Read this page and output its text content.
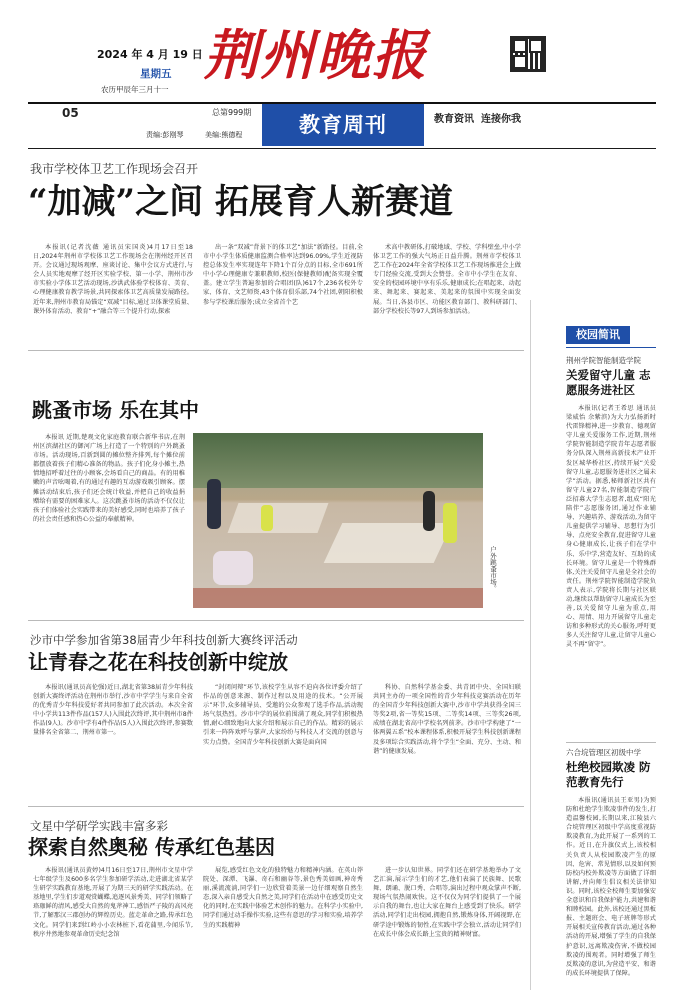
2024 年 4 月 19 日
星期五
农历甲辰年三月十一
荆州晚报
05	总第999期
教育周刊	教育资讯  连接你我
责编:彭刚琴	美编:熊德程
我市学校体卫艺工作现场会召开
“加减”之间 拓展育人新赛道

本报讯(记者沈薇 通讯员宋国炎)4月17日至18日,2024年荆州市学校体卫艺工作现场会在荆州经开区召开。会议通过现场观摩、座谈讨论、集中会议方式进行,与会人员实地观摩了经开区实验学校、第一小学、荆州市沙市实验小学体卫艺活动现场,沙洪武体验学校体育、美育、心理健康教育教学场景,共同探索体卫艺高质量发展路径。近年来,荆州市教育局锚定“双减”目标,通过卫体课堂质量、课外体育活动、教育“+”融合等三个提升行动,探索

出一条“双减”背景下的体卫艺“加法”新路径。目前,全市中小学生体质健康监测合格率达到96.09%,学生近视防控总体发生率实现连年下降1个百分点的目标,全市691所中小学心理健康专兼职教师,校医(保健教师)配备实现全覆盖。建立学生普遍参加的合唱团(队)617个,236名校外专家、体育、文艺师资,43个体育俱乐部,74个社团,朝阳积极参与学校课后服务;成立全省首个艺

术高中教研体,打破地域、学校、学科壁垒,中小学体卫艺工作的强大气场正日益升腾。荆州市学校体卫艺工作在2024年全省学校体卫艺工作现场推进会上做专门经验交流,受到大会赞誉。全市中小学生在友育、安全的校园环境中享有乐乐,健康成长;在唱起来、动起来、舞起来、赛起来、美起来的氛围中实现全面发展。当日,各县市区、功能区教育部门、教科研部门、部分学校校长等97人到场参加活动。

跳蚤市场 乐在其中

本报讯 近期,楚观文化家庭教育联合新华书店,在荆州区滨湖社区的御河广场上打造了一个特别的户外跳蚤市场。活动现场,百新到圆的摊位整齐排列,每个摊位前都摆放着孩子们精心准备的物品。孩子们化身小摊主,热情地招呼着过往的小顾客,会场看自己的商品。有的用稚嫩的声音吆喝着,有的通过有趣的互动游戏吸引顾客。摆摊活动结束后,孩子们还会统计收益,并把自己的收益捐赠给有需要的困难家人。这次跳蚤市场的活动不仅仅让孩子们体验社会实践带来的美好感受,同时也培养了孩子的社会责任感和热心公益的奉献精神。

户外跳蚤市场。
沙市中学参加省第38届青少年科技创新大赛终评活动
让青春之花在科技创新中绽放

本报讯(通讯员高伦强)近日,湖北省第38届青少年科技创新大赛终评活动在荆州市举行,沙市中学学生与来自全省的优秀青少年科技爱好者共同参加了此次活动。本次全省中小学共113件作品(157人)入围此次终评,其中荆州市8件作品(9人)。沙市中学有4件作品(5人)入围此次终评,参赛数量排名全省第二、荆州市第一。

“封闭问辩”环节,该校学生从容不迫向各位评委介绍了作品的创意来源、制作过程以及用途的技术。“公开展示”环节,众多辅导员、受邀的公众参观了选手作品,活动现场气氛热烈。沙市中学的展位前围满了观众,同学们积极热情,耐心细致地向大家介绍和展示自己的作品。精彩的展示引来一阵阵欢呼与掌声,大家纷纷与科技人才交流的创意与实力点赞。全国青少年科技创新大赛是面向国

科协、自然科学基金委、共青团中央、全国妇联共同主办的一项全国性的青少年科技竞赛活动在历年的全国青少年科技创新大赛中,沙市中学共获得全国三等奖2项,省一等奖15项、二等奖14项、三等奖26项,成绩在湖北省高中学校名列前茅。沙市中学构建了“一体两翼五系”校本课程体系,积极开展学生科技创新课程及多项综合实践活动,将个学生“全面、充分、主动、和谐”的健康发展。

文星中学研学实践丰富多彩
探索自然奥秘 传承红色基因

本报讯(通讯员黄婷)4月16日至17日,荆州市文星中学七年级学生及600多名学生参加研学活动,走进湖北省某学生研学实践教育基地,开展了为期三天的研学实践活动。在基地里,学生们步道观赏蝴蝶,追逐风景秀美、同学们领略了珞珈鲜的清风,感受大自然的鬼斧神工,感悟严子陵的高风亮节,了解那汉三郡创办的辉煌历史。蓝走革命之路,传承红色文化。同学们来到红岭小小农林桩下,看花蒲里,今闻乐节,秩序井然地参观革命历史纪念馆

展览,感受红色文化的独特魅力和精神内涵。在英山莽院处、深潭、飞瀑、奇石和幽谷等,景色秀美如画,神奇秀丽,溪流流淌,同学们一边欣赏着美景一边仔细观察自然生态,深入亲自感受大自然之美,同学们在活动中在感受历史文化的同时,在实践中体验艺术创作的魅力。在科学小实验中,同学们通过动手操作实验,这些有意思的学习和实验,培养学生的实践精神

进一步认知世界。同学们还在研学基地举办了文艺汇演,展示学生们的才艺,他们表演了民族舞、民歌舞、朗诵、脱口秀、合唱等,演出过程中观众掌声不断,现场气氛热闹欢快。这不仅仅为同学们提供了一个展示自我的舞台,也让大家在舞台上感受到了快乐。研学活动,同学们走出校园,拥抱自然,锻炼身体,开阔视野,在研学途中锻炼的韧性,在实践中学会独立,活动让同学们在成长中体会成长路上宝贵的精神财富。

校园简讯
荆州学院智能制造学院
关爱留守儿童 志愿服务进社区

本报讯(记者王希思 通讯员梁威怡 余紫滨)为大力弘扬新时代雷锋精神,进一步教育、德观留守儿童关爱服务工作,近期,荆州学院智能制造学院青年志愿者服务分队深入荆州高新技术产业开发区城华桥社区,持续开展“关爱留守儿童,志愿服务进社区之属未学”活动。据悉,秘师新社区共有留守儿童27名,智能制造学院广泛招募大学生志愿者,组成“阳光陪伴”志愿服务团,通过作业辅导、兴趣培养、游戏活动,为留守儿童提供学习辅导、思想行为引导、点亮安全教育,促进留守儿童身心健康成长,让孩子们在学中乐、乐中学,营造友好、互助的成长环境。留守儿童是一个特殊群体,关注关爱留守儿童是全社会的责任。荆州学院智能制造学院负责人表示,学院将长期与社区联动,继续以帮助留守儿童成长为至善,以关爱留守儿童为重点,用心、用情、用力开展留守儿童走访和多种形式的关心服务,呼吁更多人关注留守儿童,让留守儿童心灵不再“留守”。

六合垸管理区初级中学
杜绝校园欺凌 防范教育先行

本报讯(通讯员王亚男)为预防和杜绝学生欺凌事件的发生,打造温馨校园,长期以来,江陵县六合垸管理区初级中学高度重视防欺凌教育,为此开展了一系列的工作。近日,在升旗仪式上,该校相关负责人从校园欺凌产生的原因、危害、常见情形,以及如何预防校内校外欺凌等方面做了详细讲解,并向师生倡议相关法律知识。同时,该校全校师生要加强安全意识和自我保护能力,共建和谐和睦校园。此外,该校还通过黑板报、主题班会、电子班牌等形式开展相关宣传教育活动,通过各种活动的开展,增强了学生的自我保护意识,远离欺凌伤害,不做校园欺凌的围观者。同时增强了师生反欺凌的意识,为营造平安、和谐的成长环境提供了保障。
